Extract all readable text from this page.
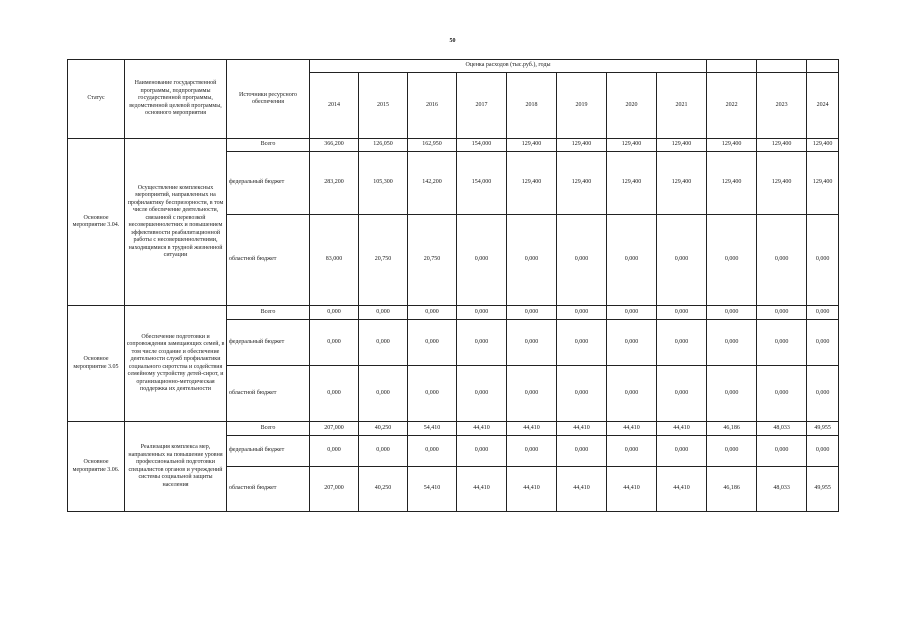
50
Статус	Наименование государственной программы, подпрограммы государственной программы, ведомственной целевой программы, основного мероприятия	Источники ресурсного обеспечения	Оценка расходов (тыс.руб.), годы											
			2014	2015	2016	2017	2018	2019	2020	2021	2022	2023	2024	
Основное мероприятие 3.04.	Осуществление комплексных мероприятий, направленных на профилактику беспризорности, в том числе обеспечение деятельности, связанной с перевозкой несовершеннолетних и повышением эффективности реабилитационной работы с несовершеннолетними, находящимися в трудной жизненной ситуации	Всего	366,200	126,050	162,950	154,000	129,400	129,400	129,400	129,400	129,400	129,400	129,400	
		федеральный бюджет	283,200	105,300	142,200	154,000	129,400	129,400	129,400	129,400	129,400	129,400	129,400	
		областной бюджет	83,000	20,750	20,750	0,000	0,000	0,000	0,000	0,000	0,000	0,000	0,000	
Основное мероприятие 3.05	Обеспечение подготовки и сопровождения замещающих семей, в том числе создание и обеспечение деятельности служб профилактики социального сиротства и содействия семейному устройству детей-сирот, и организационно-методическая поддержка их деятельности	Всего	0,000	0,000	0,000	0,000	0,000	0,000	0,000	0,000	0,000	0,000	0,000	
		федеральный бюджет	0,000	0,000	0,000	0,000	0,000	0,000	0,000	0,000	0,000	0,000	0,000	
		областной бюджет	0,000	0,000	0,000	0,000	0,000	0,000	0,000	0,000	0,000	0,000	0,000	
Основное мероприятие 3.06.	Реализация комплекса мер, направленных на повышение уровня профессиональной подготовки специалистов органов и учреждений системы социальной защиты населения	Всего	207,000	40,250	54,410	44,410	44,410	44,410	44,410	44,410	46,186	48,033	49,955	
		федеральный бюджет	0,000	0,000	0,000	0,000	0,000	0,000	0,000	0,000	0,000	0,000	0,000	
		областной бюджет	207,000	40,250	54,410	44,410	44,410	44,410	44,410	44,410	46,186	48,033	49,955	
